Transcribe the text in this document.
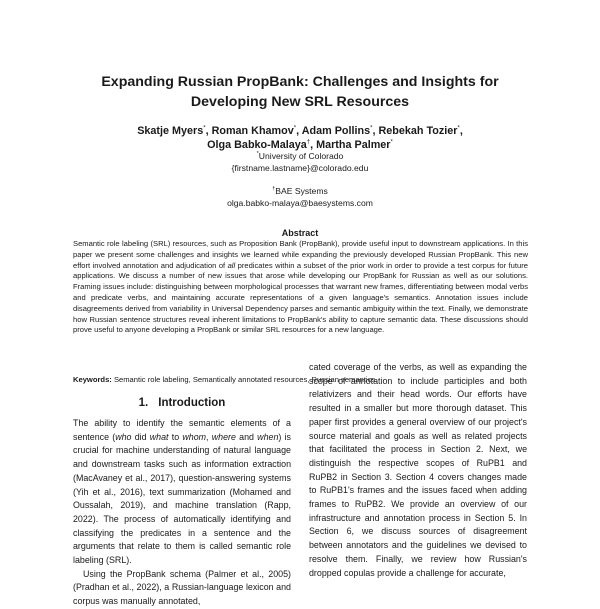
Expanding Russian PropBank: Challenges and Insights for
Developing New SRL Resources
Skatje Myers*, Roman Khamov*, Adam Pollins*, Rebekah Tozier*,
Olga Babko-Malaya†, Martha Palmer*
*University of Colorado
{firstname.lastname}@colorado.edu
†BAE Systems
olga.babko-malaya@baesystems.com
Abstract

Semantic role labeling (SRL) resources, such as Proposition Bank (PropBank), provide useful input to downstream applications. In this paper we present some challenges and insights we learned while expanding the previously developed Russian PropBank. This new effort involved annotation and adjudication of all predicates within a subset of the prior work in order to provide a test corpus for future applications. We discuss a number of new issues that arose while developing our PropBank for Russian as well as our solutions. Framing issues include: distinguishing between morphological processes that warrant new frames, differentiating between modal verbs and predicate verbs, and maintaining accurate representations of a given language's semantics. Annotation issues include disagreements derived from variability in Universal Dependency parses and semantic ambiguity within the text. Finally, we demonstrate how Russian sentence structures reveal inherent limitations to PropBank's ability to capture semantic data. These discussions should prove useful to anyone developing a PropBank or similar SRL resources for a new language.

Keywords: Semantic role labeling, Semantically annotated resources, Russian semantics

1. Introduction

The ability to identify the semantic elements of a sentence (who did what to whom, where and when) is crucial for machine understanding of natural language and downstream tasks such as information extraction (MacAvaney et al., 2017), question-answering systems (Yih et al., 2016), text summarization (Mohamed and Oussalah, 2019), and machine translation (Rapp, 2022). The process of automatically identifying and classifying the predicates in a sentence and the arguments that relate to them is called semantic role labeling (SRL).

Using the PropBank schema (Palmer et al., 2005) (Pradhan et al., 2022), a Russian-language lexicon and corpus was manually annotated,

cated coverage of the verbs, as well as expanding the scope of annotation to include participles and both relativizers and their head words. Our efforts have resulted in a smaller but more thorough dataset. This paper first provides a general overview of our project's source material and goals as well as related projects that facilitated the process in Section 2. Next, we distinguish the respective scopes of RuPB1 and RuPB2 in Section 3. Section 4 covers changes made to RuPB1's frames and the issues faced when adding frames to RuPB2. We provide an overview of our infrastructure and annotation process in Section 5. In Section 6, we discuss sources of disagreement between annotators and the guidelines we devised to resolve them. Finally, we review how Russian's dropped copulas provide a challenge for accurate,
